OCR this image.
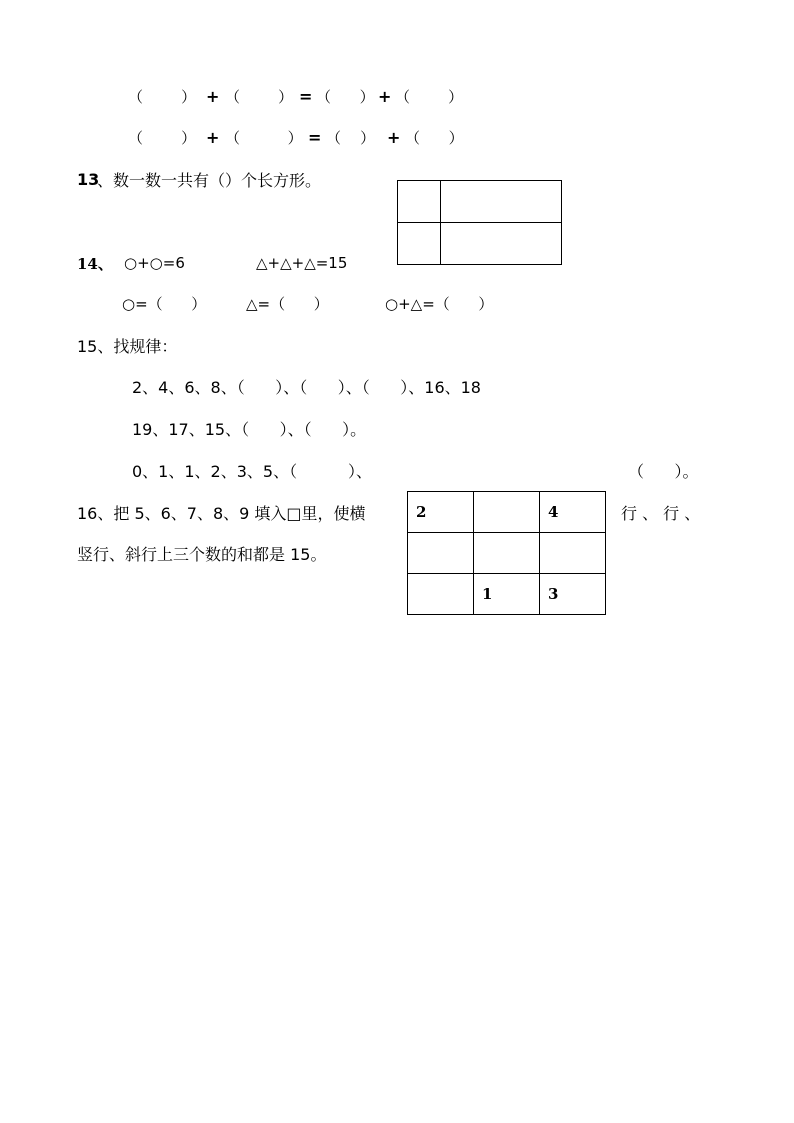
（        ） + （        ） = （      ） + （        ）
（        ） + （          ） = （    ） + （      ）
13
、数一数一共有（）个长方形。
14、 ○+○=6	△+△+△=15
○=（      ）	△=（      ）	○+△=（      ）
15、找规律：
2、4、6、8、（      ）、（      ）、（      ）、16、18
19、17、15、（      ）、（      ）。
0、1、1、2、3、5、（          ）、	（      ）。
16、把 5、6、7、8、9 填入□里，使横	行 、 行 、
竖行、斜行上三个数的和都是 15。
2		4

	1	3
